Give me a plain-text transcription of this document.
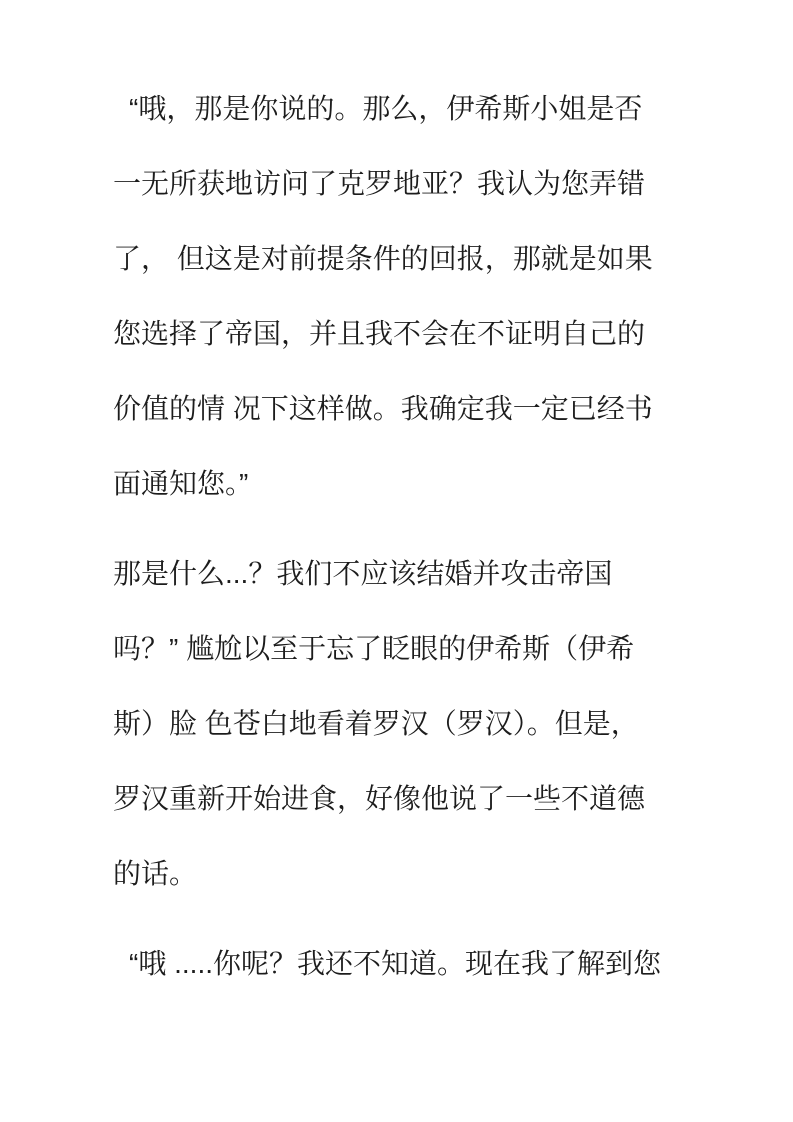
“哦，那是你说的。那么，伊希斯小姐是否
一无所获地访问了克罗地亚？我认为您弄错
了， 但这是对前提条件的回报，那就是如果
您选择了帝国，并且我不会在不证明自己的
价值的情 况下这样做。我确定我一定已经书
面通知您。”
那是什么...？我们不应该结婚并攻击帝国
吗？” 尴尬以至于忘了眨眼的伊希斯（伊希
斯）脸 色苍白地看着罗汉（罗汉）。但是，
罗汉重新开始进食，好像他说了一些不道德
的话。
“哦 .....你呢？我还不知道。现在我了解到您
